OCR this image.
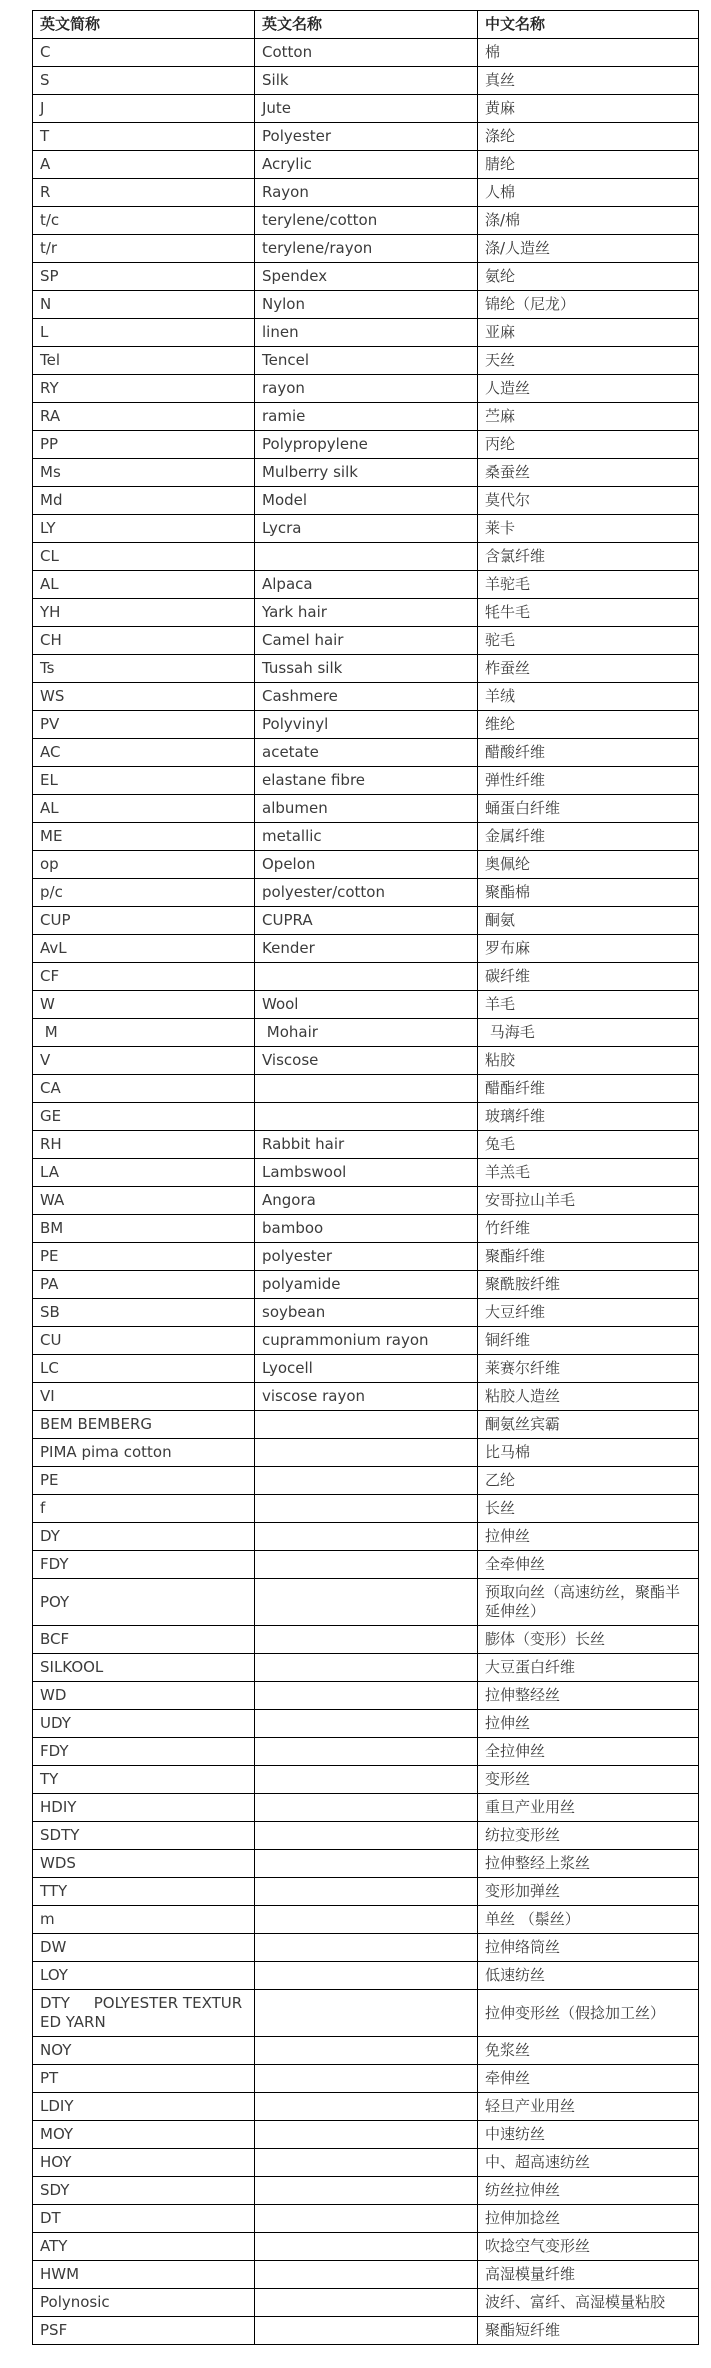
英文简称	英文名称	中文名称
C	Cotton	棉
S	Silk	真丝
J	Jute	黄麻
T	Polyester	涤纶
A	Acrylic	腈纶
R	Rayon	人棉
t/c	terylene/cotton	涤/棉
t/r	terylene/rayon	涤/人造丝
SP	Spendex	氨纶
N	Nylon	锦纶（尼龙）
L	linen	亚麻
Tel	Tencel	天丝
RY	rayon	人造丝
RA	ramie	苎麻
PP	Polypropylene	丙纶
Ms	Mulberry silk	桑蚕丝
Md	Model	莫代尔
LY	Lycra	莱卡
CL		含氯纤维
AL	Alpaca	羊驼毛
YH	Yark hair	牦牛毛
CH	Camel hair	驼毛
Ts	Tussah silk	柞蚕丝
WS	Cashmere	羊绒
PV	Polyvinyl	维纶
AC	acetate	醋酸纤维
EL	elastane fibre	弹性纤维
AL	albumen	蛹蛋白纤维
ME	metallic	金属纤维
op	Opelon	奥佩纶
p/c	polyester/cotton	聚酯棉
CUP	CUPRA	酮氨
AvL	Kender	罗布麻
CF		碳纤维
W	Wool	羊毛
M	Mohair	马海毛
V	Viscose	粘胶
CA		醋酯纤维
GE		玻璃纤维
RH	Rabbit hair	兔毛
LA	Lambswool	羊羔毛
WA	Angora	安哥拉山羊毛
BM	bamboo	竹纤维
PE	polyester	聚酯纤维
PA	polyamide	聚酰胺纤维
SB	soybean	大豆纤维
CU	cuprammonium rayon	铜纤维
LC	Lyocell	莱赛尔纤维
VI	viscose rayon	粘胶人造丝
BEM BEMBERG		酮氨丝宾霸
PIMA pima cotton		比马棉
PE		乙纶
f		长丝
DY		拉伸丝
FDY		全牵伸丝
POY		预取向丝（高速纺丝，聚酯半延伸丝）
BCF		膨体（变形）长丝
SILKOOL		大豆蛋白纤维
WD		拉伸整经丝
UDY		拉伸丝
FDY		全拉伸丝
TY		变形丝
HDIY		重旦产业用丝
SDTY		纺拉变形丝
WDS		拉伸整经上浆丝
TTY		变形加弹丝
m		单丝 （鬃丝）
DW		拉伸络筒丝
LOY		低速纺丝
DTY     POLYESTER TEXTURED YARN		拉伸变形丝（假捻加工丝）
NOY		免浆丝
PT		牵伸丝
LDIY		轻旦产业用丝
MOY		中速纺丝
HOY		中、超高速纺丝
SDY		纺丝拉伸丝
DT		拉伸加捻丝
ATY		吹捻空气变形丝
HWM		高湿模量纤维
Polynosic		波纤、富纤、高湿模量粘胶
PSF		聚酯短纤维
